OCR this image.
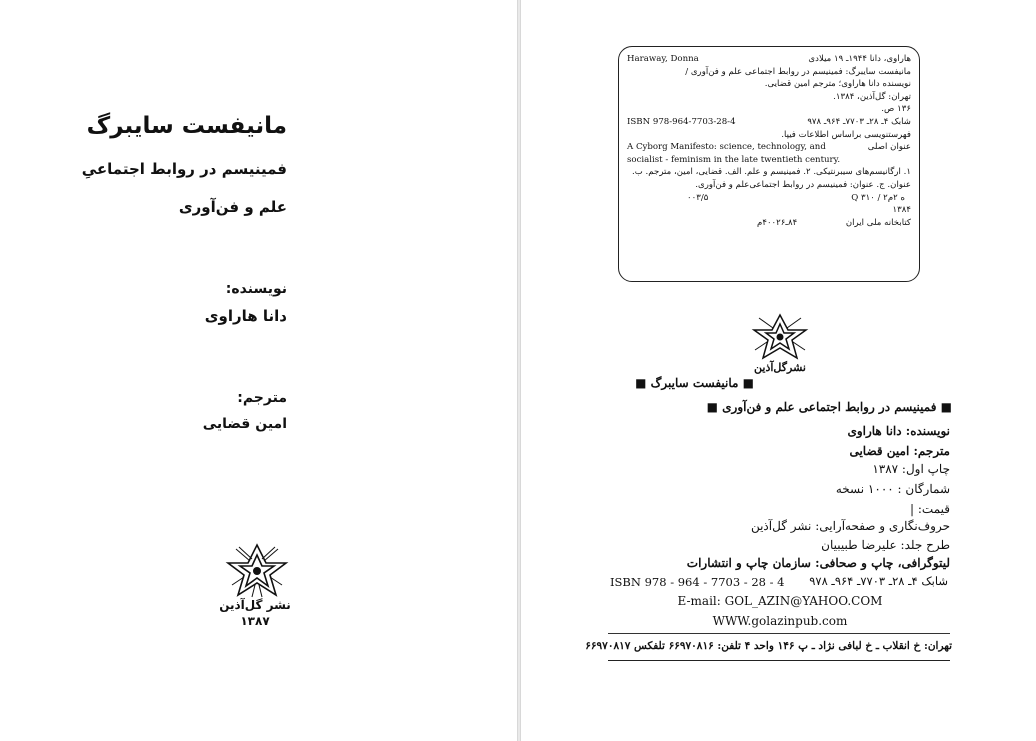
مانیفست سایبرگ
فمینیسم در روابط اجتماعیِ
علم و فن‌آوری
نویسنده:
دانا هاراوی
مترجم:
امین قضایی
نشر گل‌آذین
۱۳۸۷
Haraway, Donna	هاراوی، دانا ۱۹۴۴ـ ۱۹ میلادی
مانیفست سایبرگ: فمینیسم در روابط اجتماعی علم و فن‌آوری /
نویسنده دانا هاراوی؛ مترجم امین قضایی.
تهران: گل‌آذین، ۱۳۸۴.
۱۳۶ ص.
ISBN 978-964-7703-28-4	شابک ۴ـ ۲۸ـ ۷۷۰۳ـ ۹۶۴ـ ۹۷۸
فهرستنویسی براساس اطلاعات فیپا.
A Cyborg Manifesto: science, technology, and	عنوان اصلی
socialist - feminism in the late twentieth century.
۱. ارگانیسم‌های سیبرنتیکی. ۲. فمینیسم و علم. الف. قضایی، امین، مترجم. ب. عنوان. ج. عنوان: فمینیسم در روابط اجتماعی‌علم و فن‌آوری.
۰۰۳/۵	Q ۳۱۰ / ۲ه ۲م
۱۳۸۴
۸۴ـ۴۰۰۲۶م	کتابخانه ملی ایران
نشرگل‌آذین
■ مانیفست سایبرگ ■
■ فمینیسم در روابط اجتماعی علم و فن‌آوری ■
نویسنده: دانا هاراوی
مترجم: امین قضایی
چاپ اول: ۱۳۸۷
شمارگان : ۱۰۰۰ نسخه
قیمت: |
حروف‌نگاری و صفحه‌آرایی: نشر گل‌آذین
طرح جلد: علیرضا طبیبیان
لیتوگرافی، چاپ و صحافی: سازمان چاپ و انتشارات
شابک ۴ـ ۲۸ـ ۷۷۰۳ـ ۹۶۴ـ ۹۷۸
ISBN 978 - 964 - 7703 - 28 - 4
E-mail: GOL_AZIN@YAHOO.COM
WWW.golazinpub.com
تهران: خ انقلاب ـ خ لبافی نژاد ـ پ ۱۴۶ واحد ۴ تلفن: ۶۶۹۷۰۸۱۶ تلفکس ۶۶۹۷۰۸۱۷
